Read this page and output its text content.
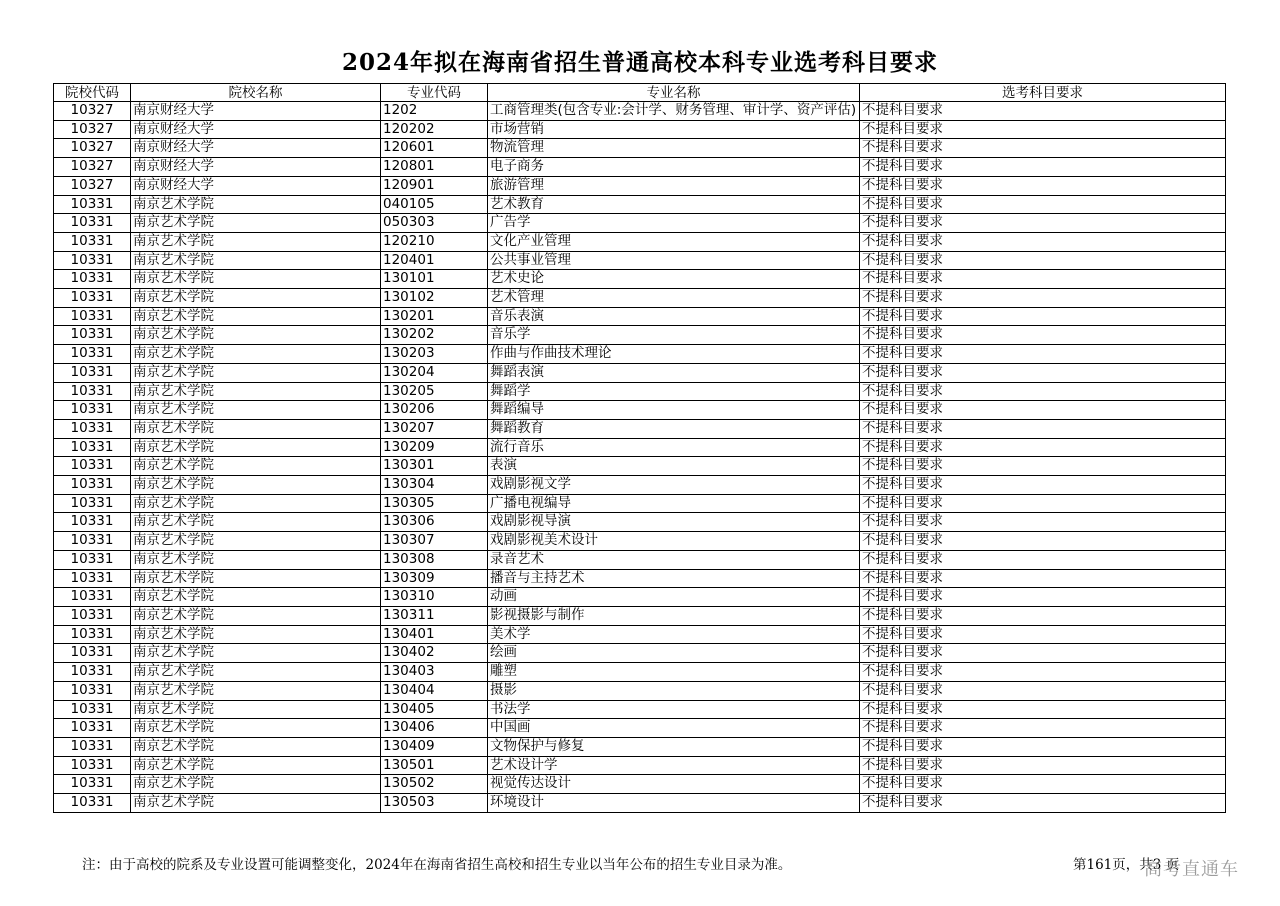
2024年拟在海南省招生普通高校本科专业选考科目要求
院校代码	院校名称	专业代码	专业名称	选考科目要求
10327	南京财经大学	1202	工商管理类(包含专业:会计学、财务管理、审计学、资产评估)	不提科目要求
10327	南京财经大学	120202	市场营销	不提科目要求
10327	南京财经大学	120601	物流管理	不提科目要求
10327	南京财经大学	120801	电子商务	不提科目要求
10327	南京财经大学	120901	旅游管理	不提科目要求
10331	南京艺术学院	040105	艺术教育	不提科目要求
10331	南京艺术学院	050303	广告学	不提科目要求
10331	南京艺术学院	120210	文化产业管理	不提科目要求
10331	南京艺术学院	120401	公共事业管理	不提科目要求
10331	南京艺术学院	130101	艺术史论	不提科目要求
10331	南京艺术学院	130102	艺术管理	不提科目要求
10331	南京艺术学院	130201	音乐表演	不提科目要求
10331	南京艺术学院	130202	音乐学	不提科目要求
10331	南京艺术学院	130203	作曲与作曲技术理论	不提科目要求
10331	南京艺术学院	130204	舞蹈表演	不提科目要求
10331	南京艺术学院	130205	舞蹈学	不提科目要求
10331	南京艺术学院	130206	舞蹈编导	不提科目要求
10331	南京艺术学院	130207	舞蹈教育	不提科目要求
10331	南京艺术学院	130209	流行音乐	不提科目要求
10331	南京艺术学院	130301	表演	不提科目要求
10331	南京艺术学院	130304	戏剧影视文学	不提科目要求
10331	南京艺术学院	130305	广播电视编导	不提科目要求
10331	南京艺术学院	130306	戏剧影视导演	不提科目要求
10331	南京艺术学院	130307	戏剧影视美术设计	不提科目要求
10331	南京艺术学院	130308	录音艺术	不提科目要求
10331	南京艺术学院	130309	播音与主持艺术	不提科目要求
10331	南京艺术学院	130310	动画	不提科目要求
10331	南京艺术学院	130311	影视摄影与制作	不提科目要求
10331	南京艺术学院	130401	美术学	不提科目要求
10331	南京艺术学院	130402	绘画	不提科目要求
10331	南京艺术学院	130403	雕塑	不提科目要求
10331	南京艺术学院	130404	摄影	不提科目要求
10331	南京艺术学院	130405	书法学	不提科目要求
10331	南京艺术学院	130406	中国画	不提科目要求
10331	南京艺术学院	130409	文物保护与修复	不提科目要求
10331	南京艺术学院	130501	艺术设计学	不提科目要求
10331	南京艺术学院	130502	视觉传达设计	不提科目要求
10331	南京艺术学院	130503	环境设计	不提科目要求
注：由于高校的院系及专业设置可能调整变化，2024年在海南省招生高校和招生专业以当年公布的招生专业目录为准。	第161页，共3 页
高考直通车
